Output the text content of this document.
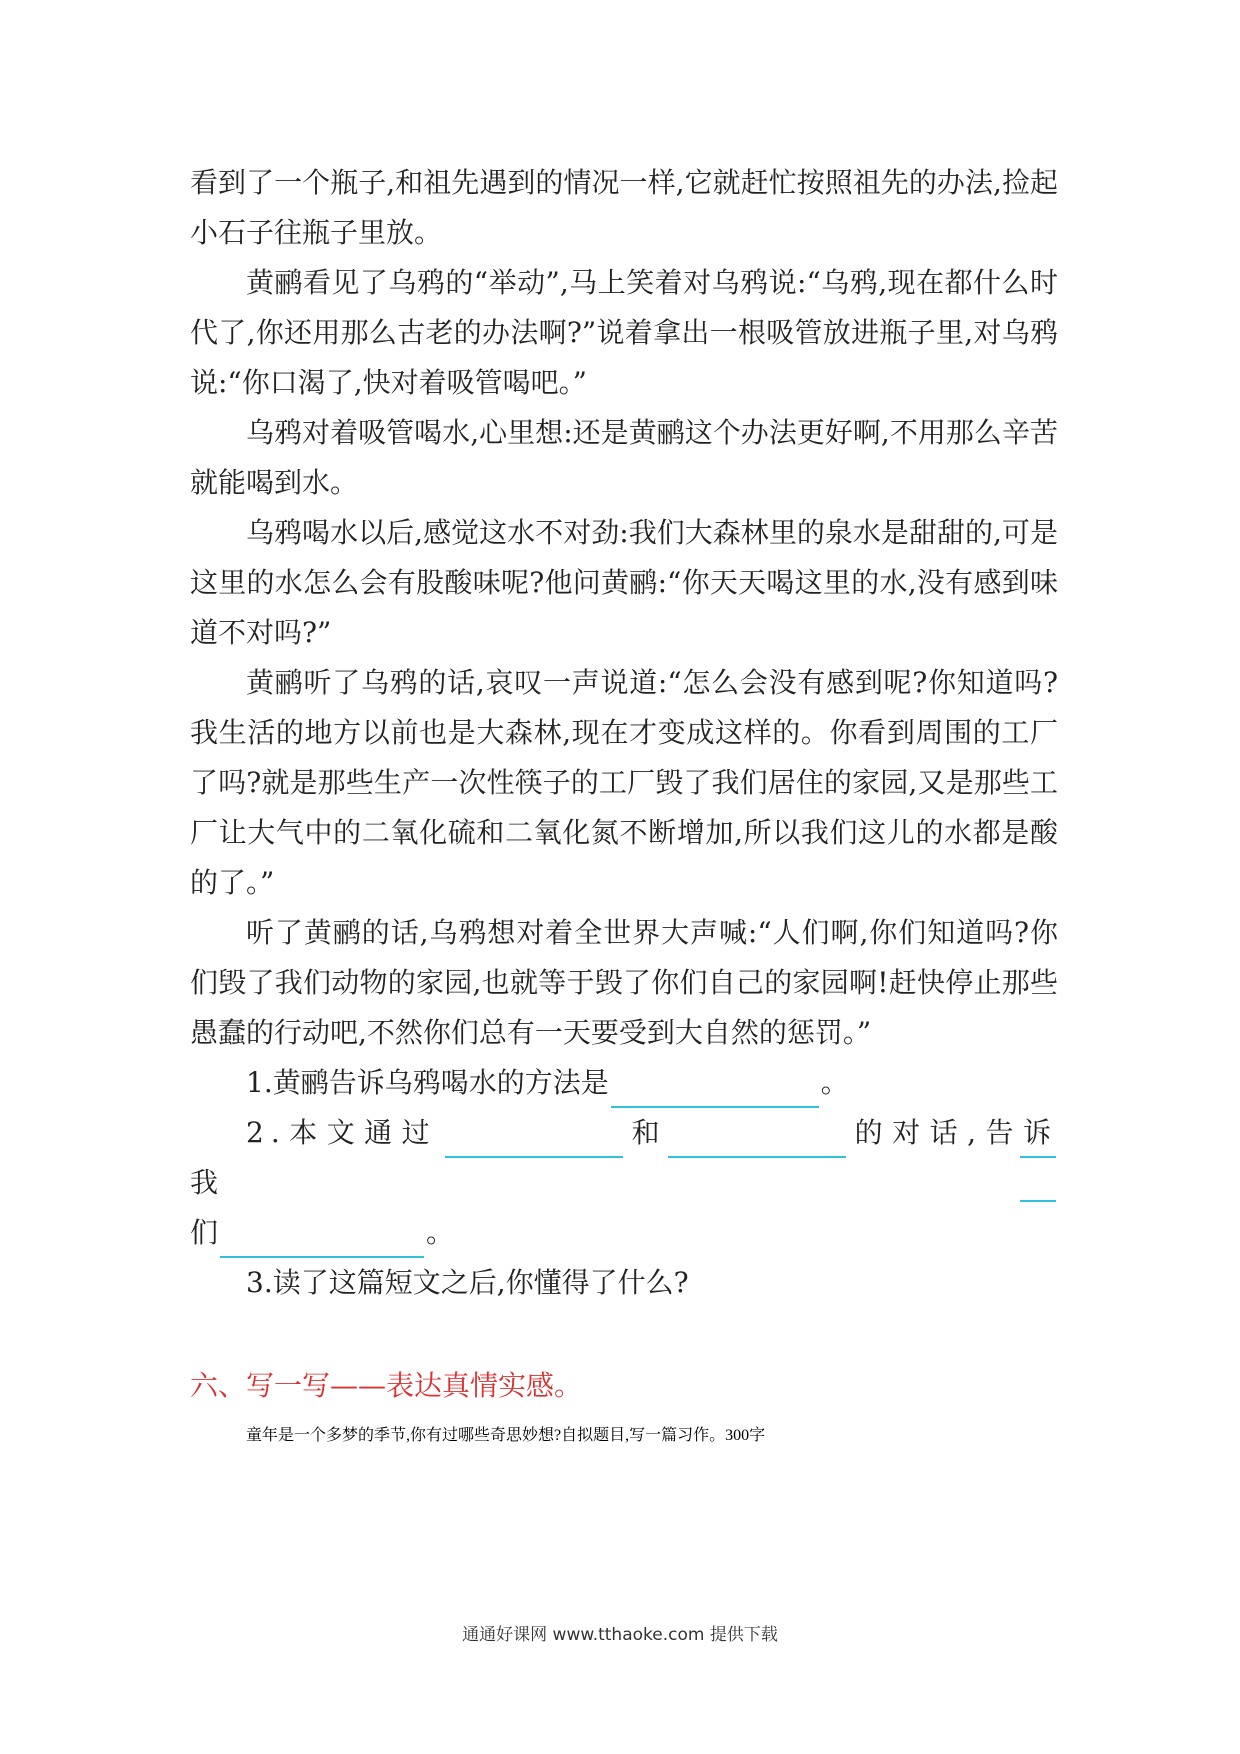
看到了一个瓶子,和祖先遇到的情况一样,它就赶忙按照祖先的办法,捡起小石子往瓶子里放。

黄鹂看见了乌鸦的“举动”,马上笑着对乌鸦说:“乌鸦,现在都什么时代了,你还用那么古老的办法啊?”说着拿出一根吸管放进瓶子里,对乌鸦说:“你口渴了,快对着吸管喝吧。”

乌鸦对着吸管喝水,心里想:还是黄鹂这个办法更好啊,不用那么辛苦就能喝到水。

乌鸦喝水以后,感觉这水不对劲:我们大森林里的泉水是甜甜的,可是这里的水怎么会有股酸味呢?他问黄鹂:“你天天喝这里的水,没有感到味道不对吗?”

黄鹂听了乌鸦的话,哀叹一声说道:“怎么会没有感到呢?你知道吗?我生活的地方以前也是大森林,现在才变成这样的。你看到周围的工厂了吗?就是那些生产一次性筷子的工厂毁了我们居住的家园,又是那些工厂让大气中的二氧化硫和二氧化氮不断增加,所以我们这儿的水都是酸的了。”

听了黄鹂的话,乌鸦想对着全世界大声喊:“人们啊,你们知道吗?你们毁了我们动物的家园,也就等于毁了你们自己的家园啊!赶快停止那些愚蠢的行动吧,不然你们总有一天要受到大自然的惩罚。”

1.黄鹂告诉乌鸦喝水的方法是	。

2.本文通过	和	的对话,告诉我

们	。

3.读了这篇短文之后,你懂得了什么?

六、写一写——表达真情实感。

童年是一个多梦的季节,你有过哪些奇思妙想?自拟题目,写一篇习作。300字

通通好课网 www.tthaoke.com 提供下载
